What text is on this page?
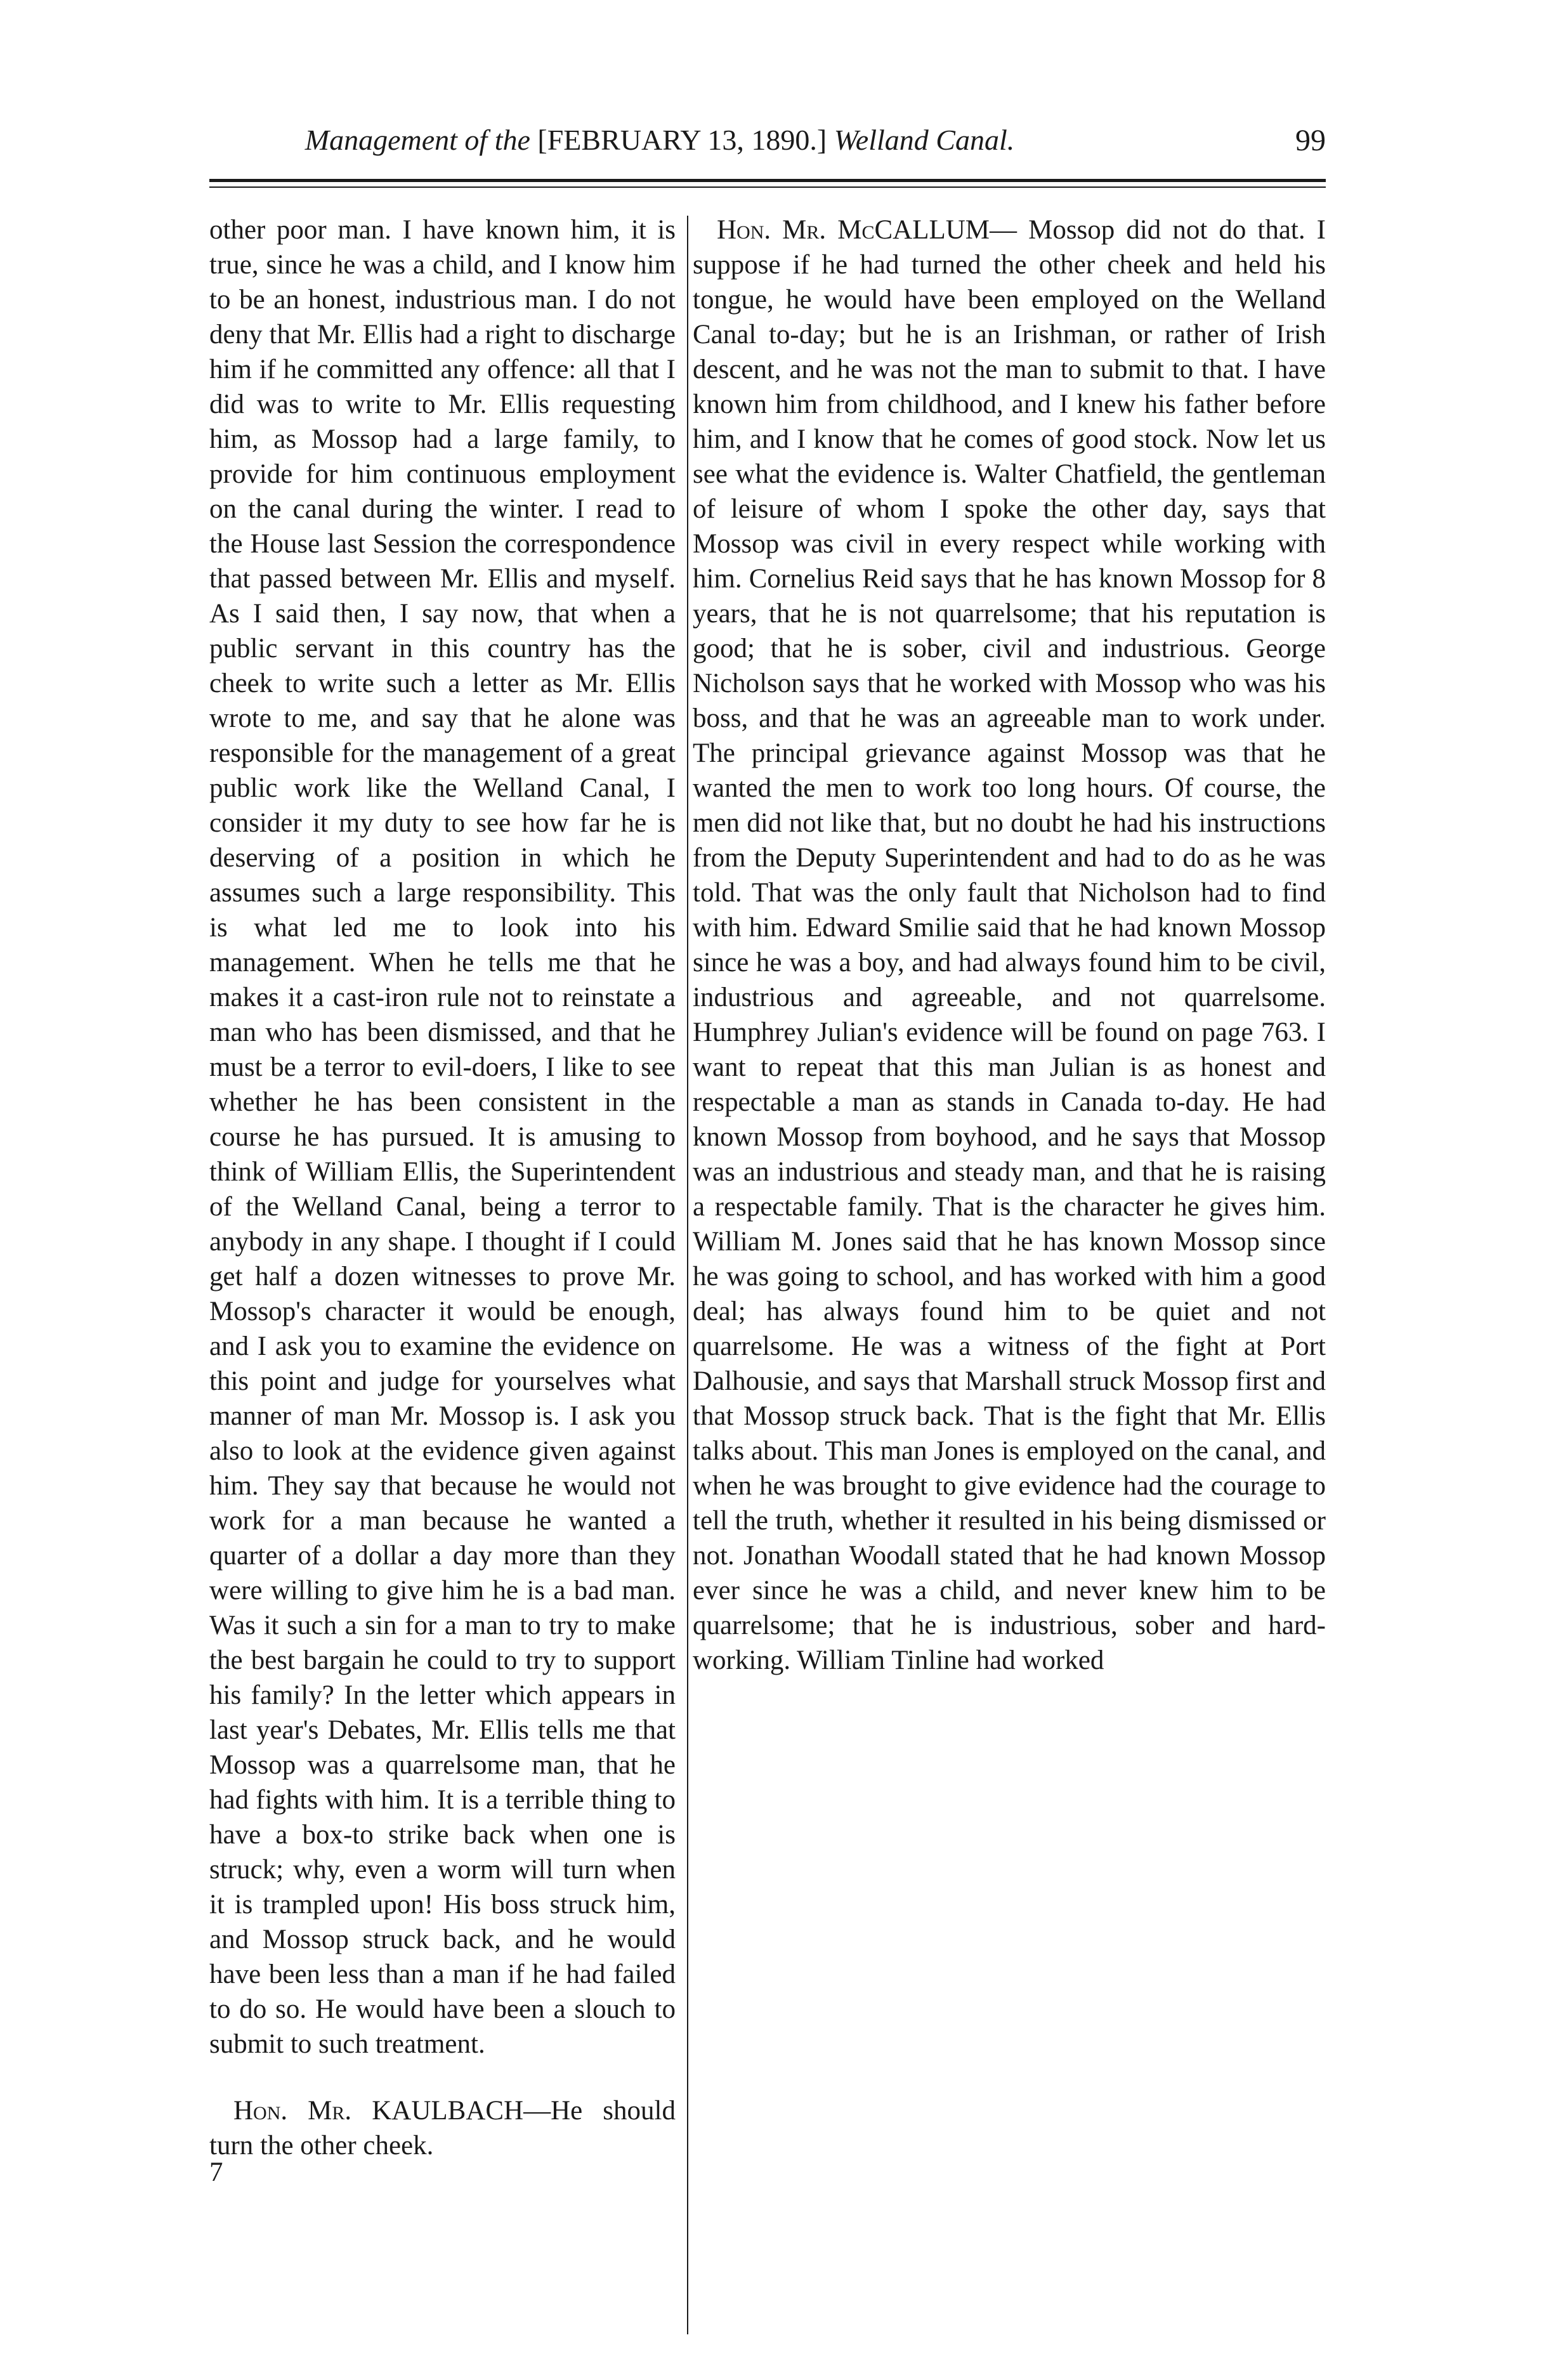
Management of the [FEBRUARY 13, 1890.] Welland Canal.	99

other poor man. I have known him, it is true, since he was a child, and I know him to be an honest, industrious man. I do not deny that Mr. Ellis had a right to discharge him if he committed any offence: all that I did was to write to Mr. Ellis requesting him, as Mossop had a large family, to provide for him continuous employment on the canal during the winter. I read to the House last Session the correspondence that passed between Mr. Ellis and myself. As I said then, I say now, that when a public servant in this country has the cheek to write such a letter as Mr. Ellis wrote to me, and say that he alone was responsible for the management of a great public work like the Welland Canal, I consider it my duty to see how far he is deserving of a position in which he assumes such a large responsibility. This is what led me to look into his management. When he tells me that he makes it a cast-iron rule not to reinstate a man who has been dismissed, and that he must be a terror to evil-doers, I like to see whether he has been consistent in the course he has pursued. It is amusing to think of William Ellis, the Superintendent of the Welland Canal, being a terror to anybody in any shape. I thought if I could get half a dozen witnesses to prove Mr. Mossop's character it would be enough, and I ask you to examine the evidence on this point and judge for yourselves what manner of man Mr. Mossop is. I ask you also to look at the evidence given against him. They say that because he would not work for a man because he wanted a quarter of a dollar a day more than they were willing to give him he is a bad man. Was it such a sin for a man to try to make the best bargain he could to try to support his family? In the letter which appears in last year's Debates, Mr. Ellis tells me that Mossop was a quarrelsome man, that he had fights with him. It is a terrible thing to have a box-to strike back when one is struck; why, even a worm will turn when it is trampled upon! His boss struck him, and Mossop struck back, and he would have been less than a man if he had failed to do so. He would have been a slouch to submit to such treatment.

Hon. Mr. KAULBACH—He should turn the other cheek.

7

Hon. Mr. McCALLUM— Mossop did not do that. I suppose if he had turned the other cheek and held his tongue, he would have been employed on the Welland Canal to-day; but he is an Irishman, or rather of Irish descent, and he was not the man to submit to that. I have known him from childhood, and I knew his father before him, and I know that he comes of good stock. Now let us see what the evidence is. Walter Chatfield, the gentleman of leisure of whom I spoke the other day, says that Mossop was civil in every respect while working with him. Cornelius Reid says that he has known Mossop for 8 years, that he is not quarrelsome; that his reputation is good; that he is sober, civil and industrious. George Nicholson says that he worked with Mossop who was his boss, and that he was an agreeable man to work under. The principal grievance against Mossop was that he wanted the men to work too long hours. Of course, the men did not like that, but no doubt he had his instructions from the Deputy Superintendent and had to do as he was told. That was the only fault that Nicholson had to find with him. Edward Smilie said that he had known Mossop since he was a boy, and had always found him to be civil, industrious and agreeable, and not quarrelsome. Humphrey Julian's evidence will be found on page 763. I want to repeat that this man Julian is as honest and respectable a man as stands in Canada to-day. He had known Mossop from boyhood, and he says that Mossop was an industrious and steady man, and that he is raising a respectable family. That is the character he gives him. William M. Jones said that he has known Mossop since he was going to school, and has worked with him a good deal; has always found him to be quiet and not quarrelsome. He was a witness of the fight at Port Dalhousie, and says that Marshall struck Mossop first and that Mossop struck back. That is the fight that Mr. Ellis talks about. This man Jones is employed on the canal, and when he was brought to give evidence had the courage to tell the truth, whether it resulted in his being dismissed or not. Jonathan Woodall stated that he had known Mossop ever since he was a child, and never knew him to be quarrelsome; that he is industrious, sober and hard-working. William Tinline had worked
